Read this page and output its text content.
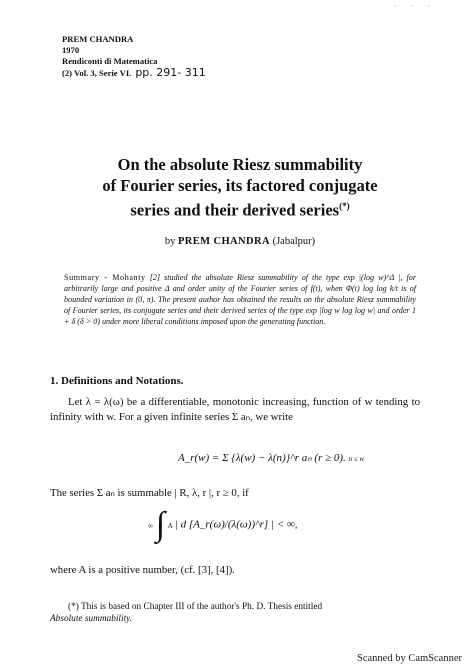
· · ·
PREM CHANDRA
1970
Rendiconti di Matematica
(2) Vol. 3, Serie VI. pp. 291- 311
On the absolute Riesz summability
of Fourier series, its factored conjugate
series and their derived series(*)
by PREM CHANDRA (Jabalpur)
Summary - Mohanty [2] studied the absolute Riesz summability of the type exp |(log w)^Δ |, for arbitrarily large and positive Δ and order unity of the Fourier series of f(t), when Φ(t) log log k/t is of bounded variation in (0, π). The present author has obtained the results on the absolute Riesz summability of Fourier series, its conjugate series and their derived series of the type exp |log w log log w| and order 1 + δ (δ > 0) under more liberal conditions imposed upon the generating function.
1. Definitions and Notations.
Let λ = λ(ω) be a differentiable, monotonic increasing, function of w tending to infinity with w. For a given infinite series Σ aₙ, we write
A_r(w) = Σ {λ(w) − λ(n)}^r aₙ (r ≥ 0). n ≤ w
The series Σ aₙ is summable | R, λ, r |, r ≥ 0, if
∞ ∫ A | d [A_r(ω)/(λ(ω))^r] | < ∞,
where A is a positive number, (cf. [3], [4]).
(*) This is based on Chapter III of the author's Ph. D. Thesis entitled
Absolute summability.
Scanned by CamScanner
